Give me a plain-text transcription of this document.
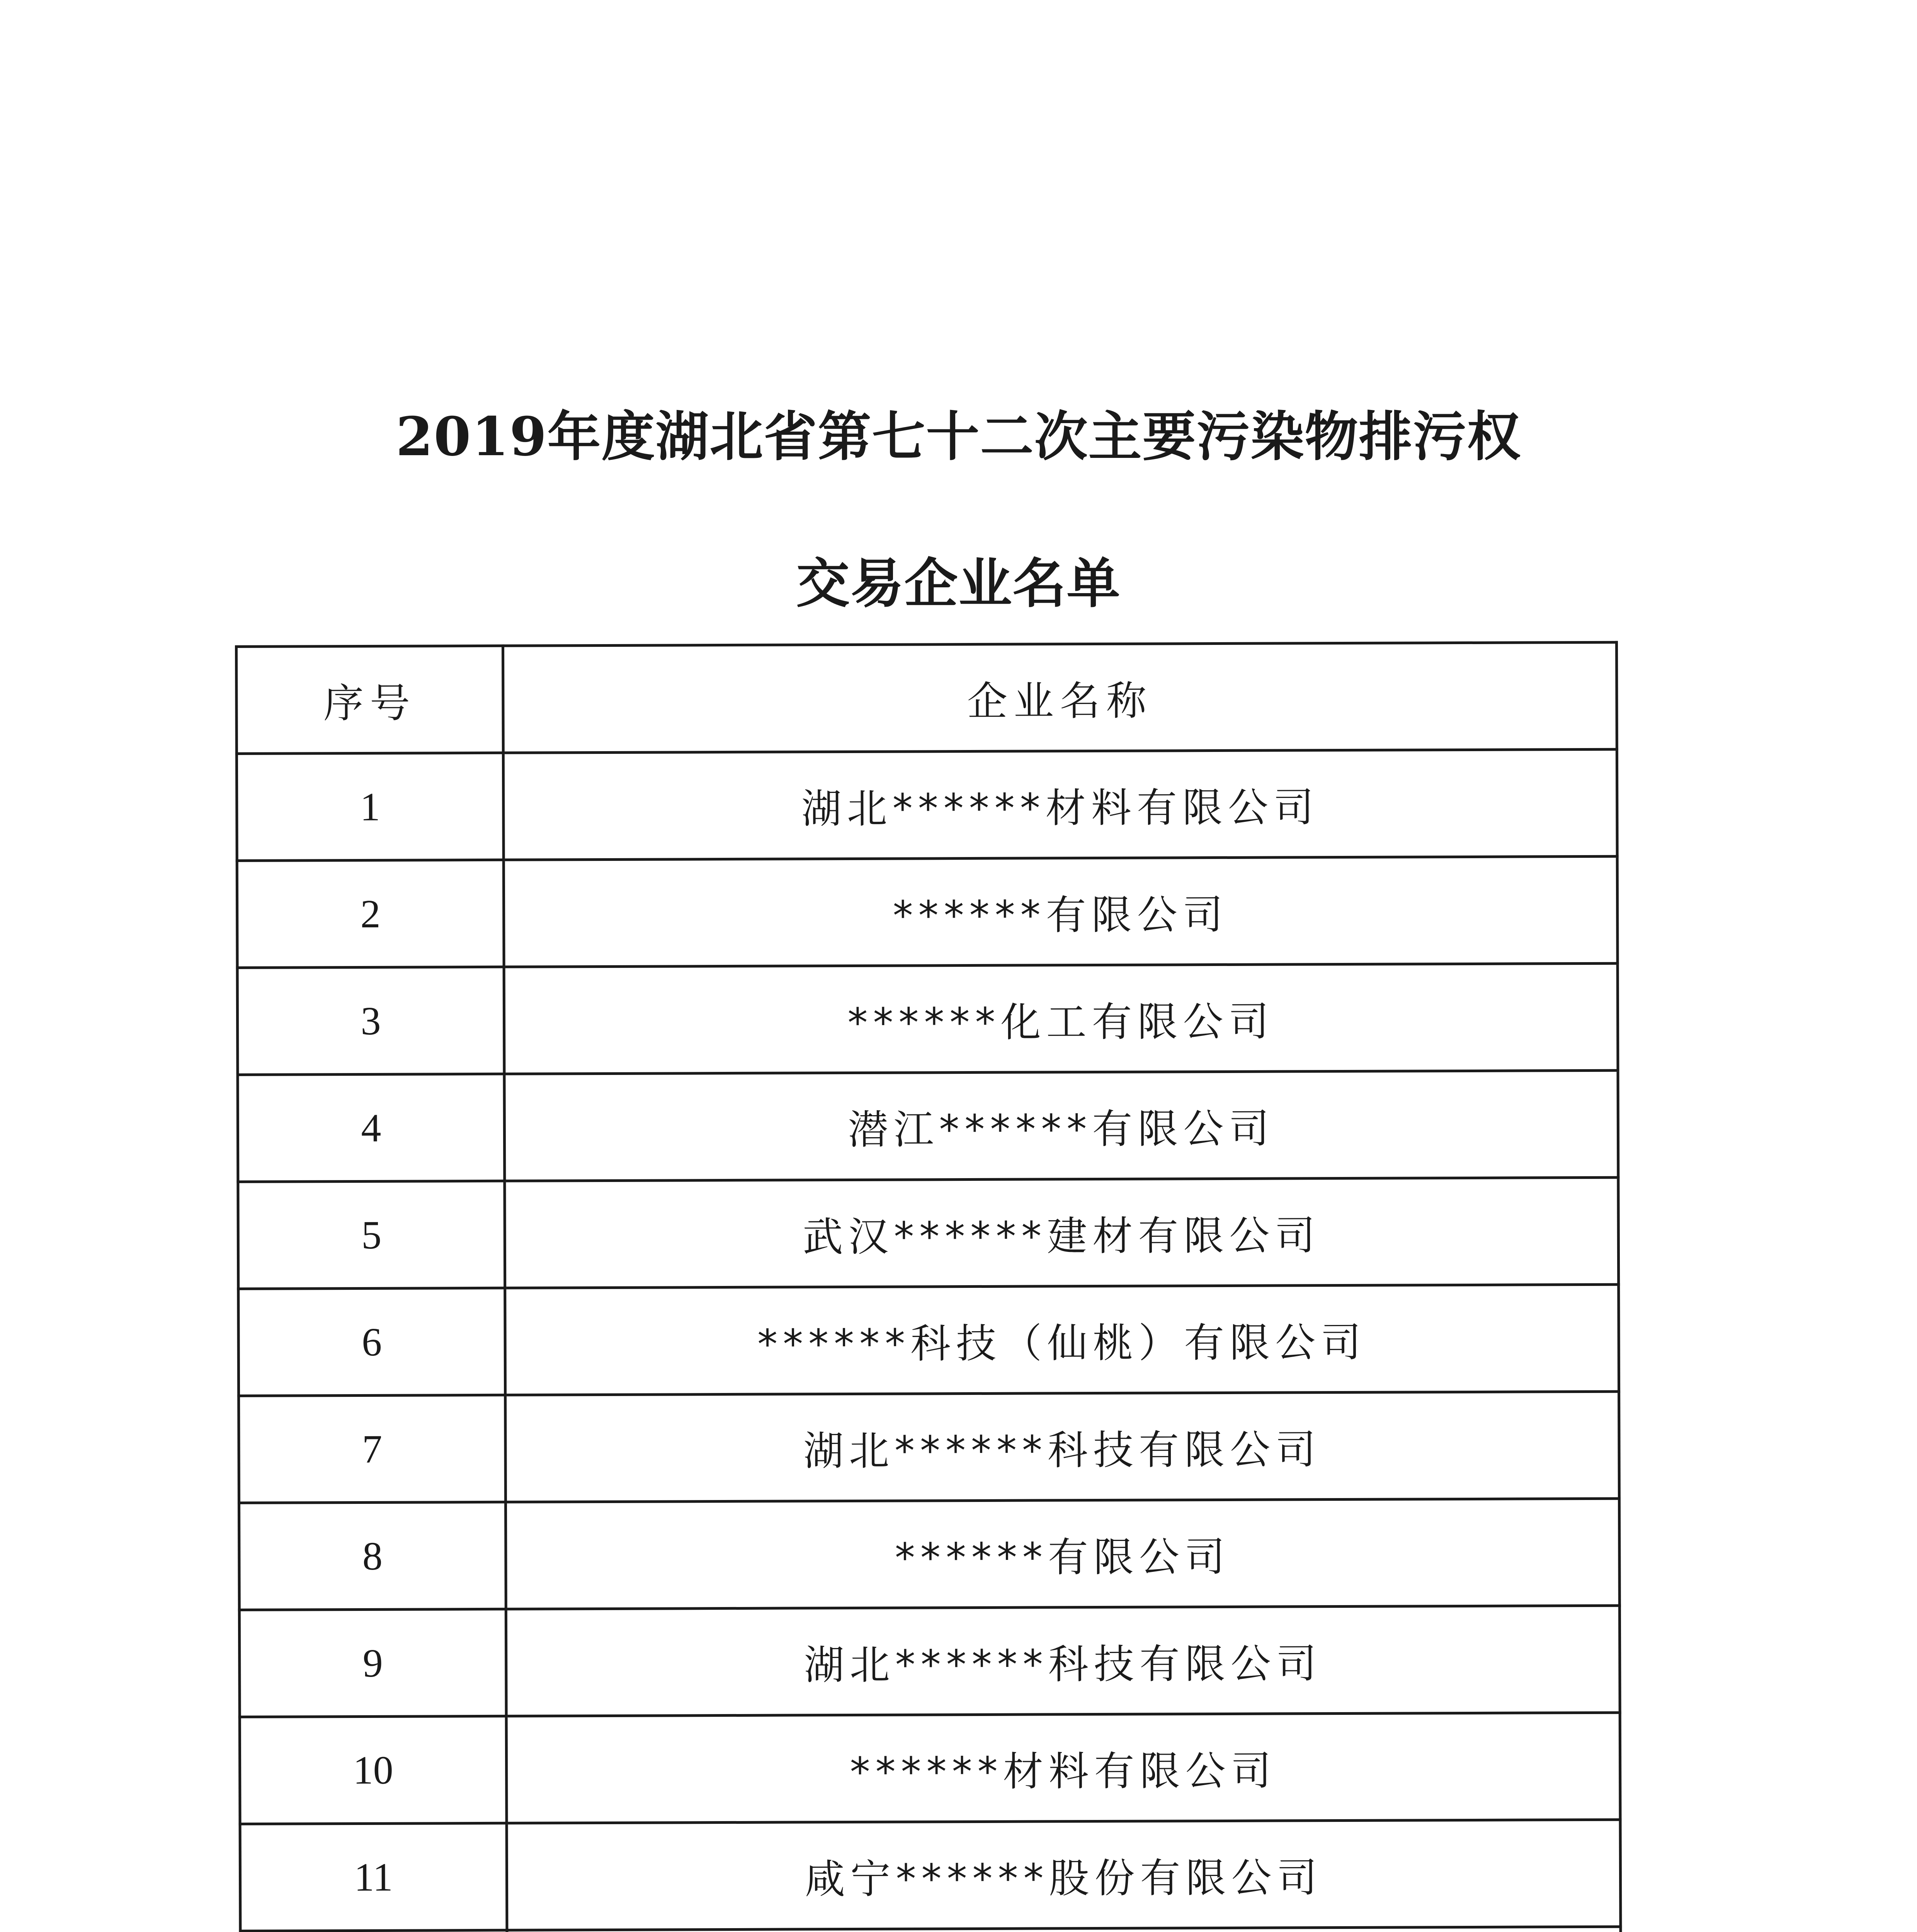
2019年度湖北省第七十二次主要污染物排污权
交易企业名单
序号	企业名称
1	湖北******材料有限公司
2	******有限公司
3	******化工有限公司
4	潜江******有限公司
5	武汉******建材有限公司
6	******科技（仙桃）有限公司
7	湖北******科技有限公司
8	******有限公司
9	湖北******科技有限公司
10	******材料有限公司
11	咸宁******股份有限公司
